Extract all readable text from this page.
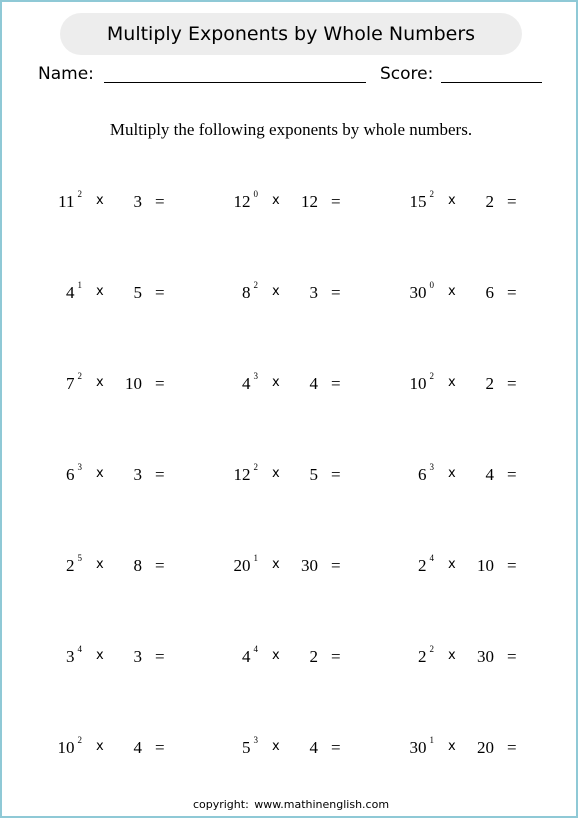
Multiply Exponents by Whole Numbers
Name:	Score:
Multiply the following exponents by whole numbers.
11 $^2$ x	3 =	12 $^0$ x	12 =	15 $^2$ x	2 =
4 $^1$ x	5 =	8 $^2$ x	3 =	30 $^0$ x	6 =
7 $^2$ x	10 =	4 $^3$ x	4 =	10 $^2$ x	2 =
6 $^3$ x	3 =	12 $^2$ x	5 =	6 $^3$ x	4 =
2 $^5$ x	8 =	20 $^1$ x	30 =	2 $^4$ x	10 =
3 $^4$ x	3 =	4 $^4$ x	2 =	2 $^2$ x	30 =
10 $^2$ x	4 =	5 $^3$ x	4 =	30 $^1$ x	20 =
copyright: www.mathinenglish.com
